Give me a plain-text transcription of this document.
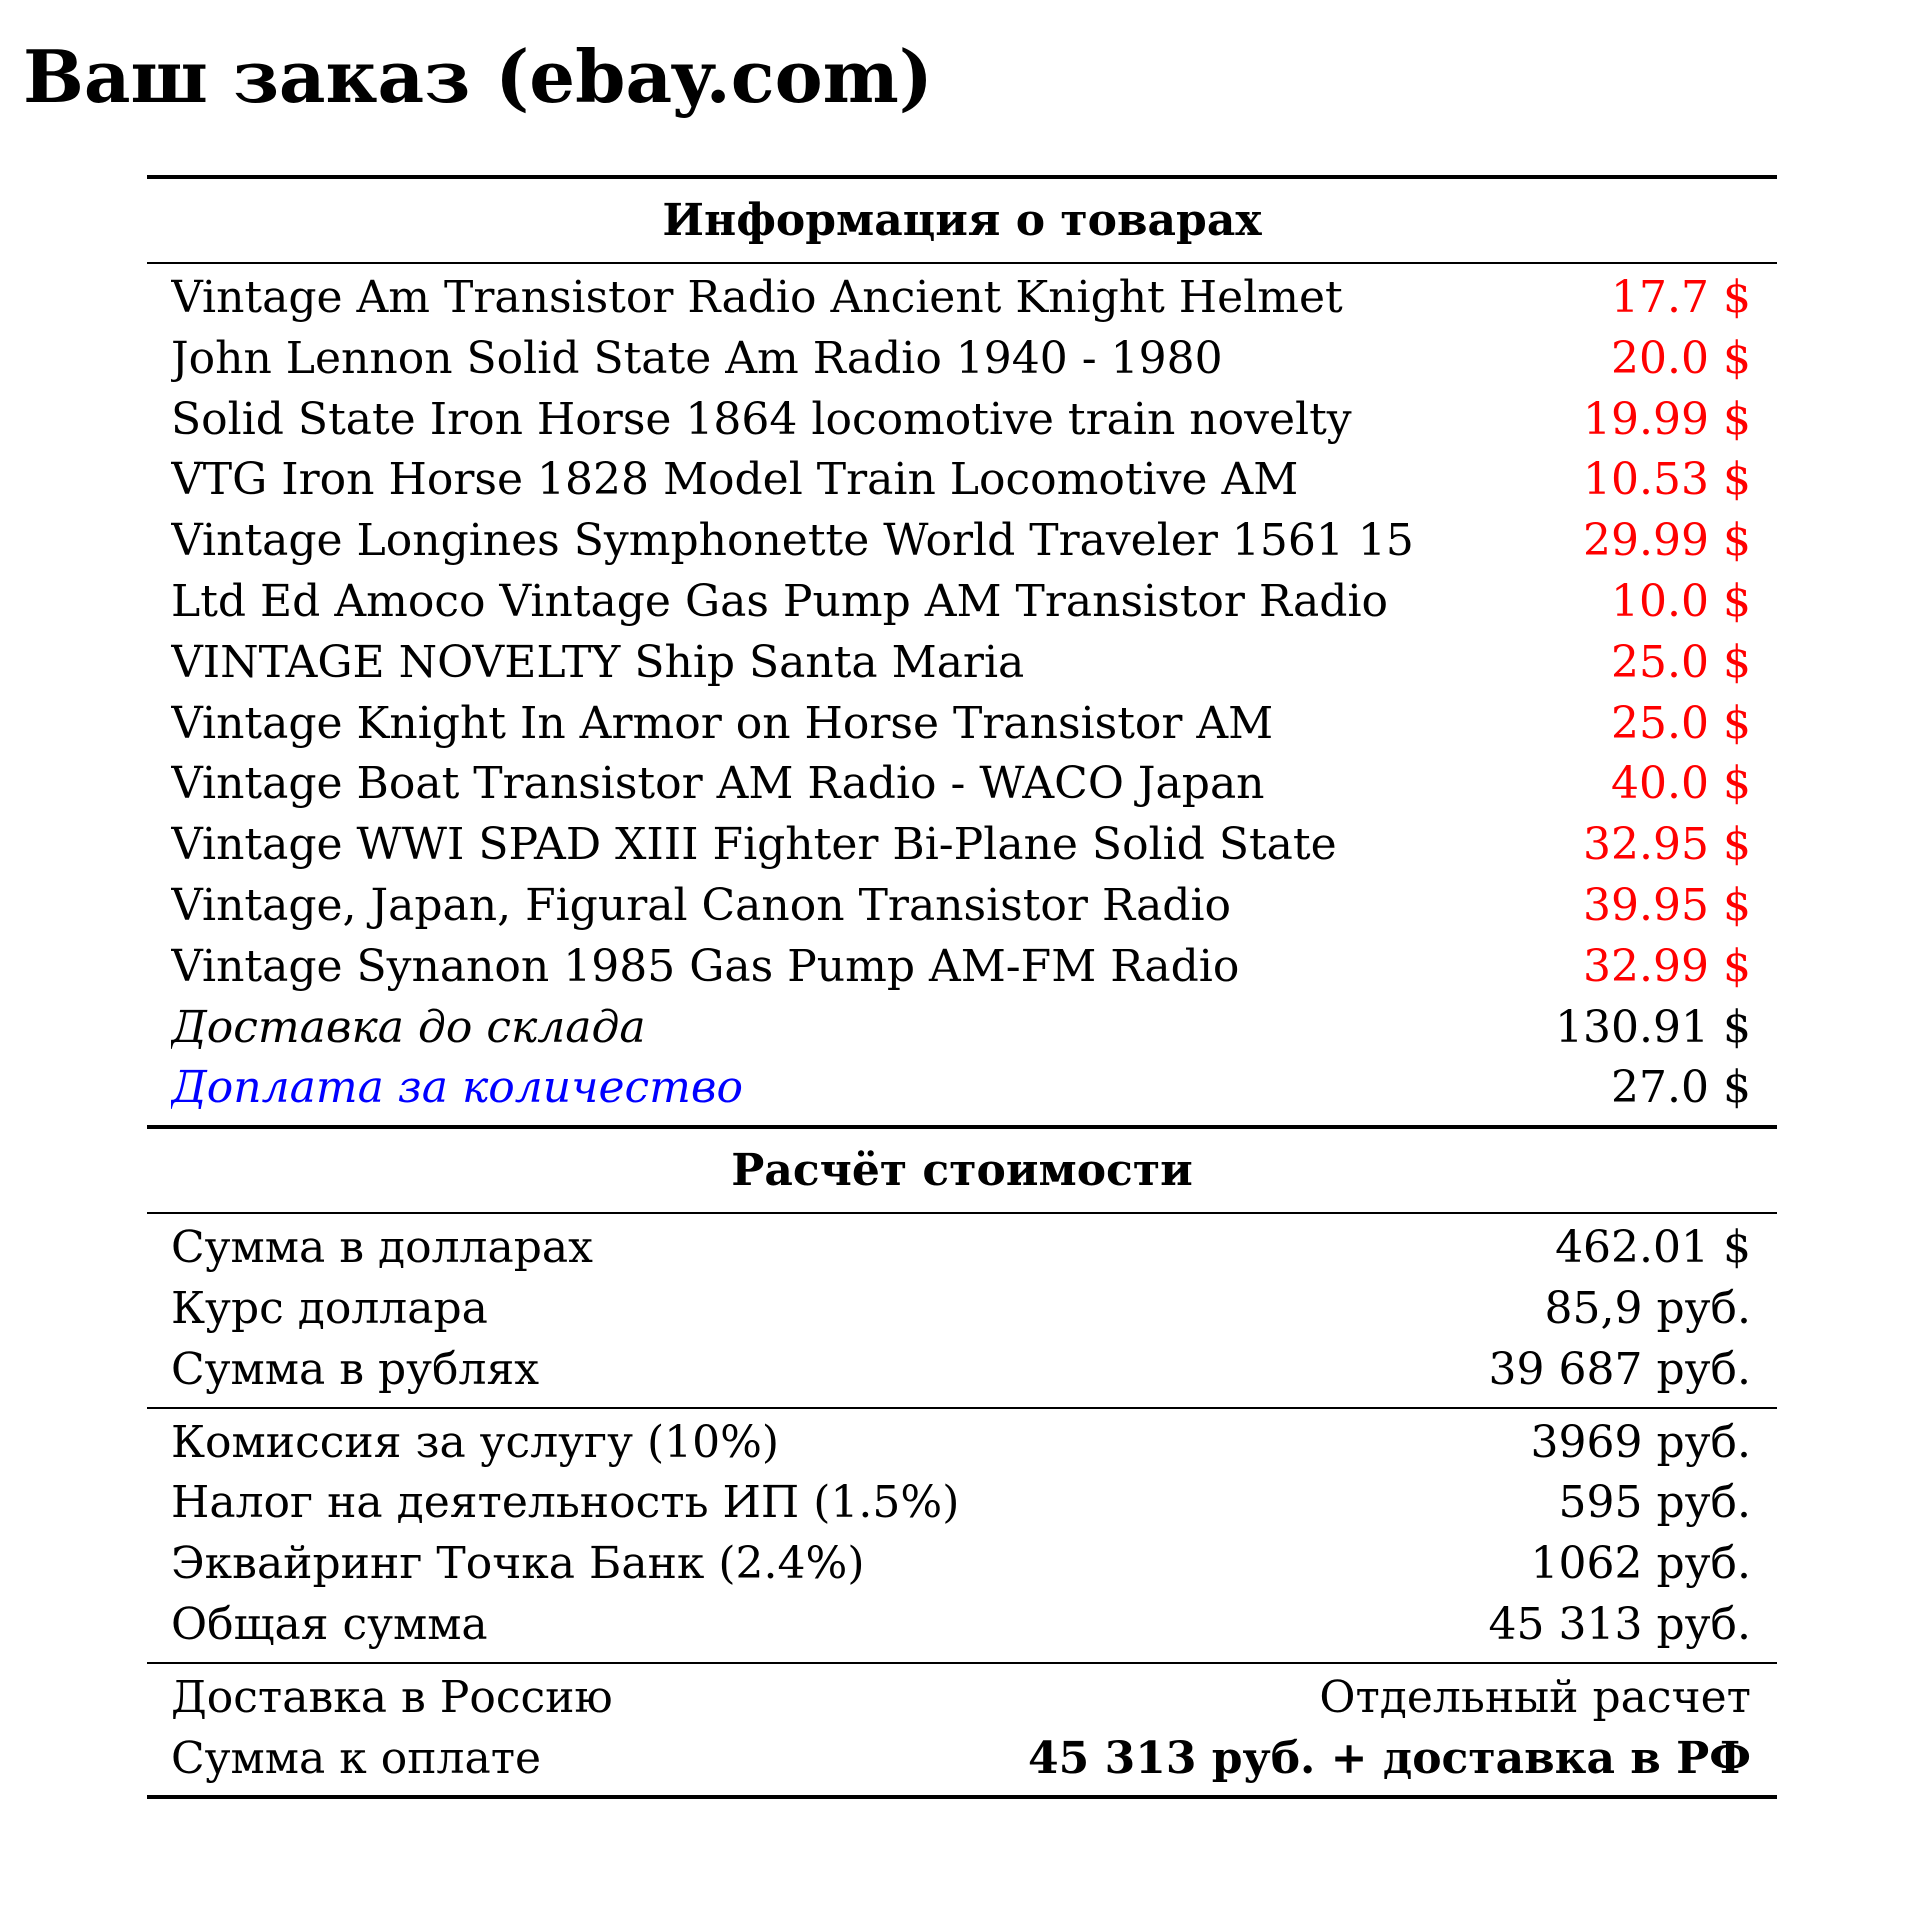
Ваш заказ (ebay.com)
Информация о товарах
Vintage Am Transistor Radio Ancient Knight Helmet	17.7 $
John Lennon Solid State Am Radio 1940 - 1980	20.0 $
Solid State Iron Horse 1864 locomotive train novelty	19.99 $
VTG Iron Horse 1828 Model Train Locomotive AM	10.53 $
Vintage Longines Symphonette World Traveler 1561 15	29.99 $
Ltd Ed Amoco Vintage Gas Pump AM Transistor Radio	10.0 $
VINTAGE NOVELTY Ship Santa Maria	25.0 $
Vintage Knight In Armor on Horse Transistor AM	25.0 $
Vintage Boat Transistor AM Radio - WACO Japan	40.0 $
Vintage WWI SPAD XIII Fighter Bi-Plane Solid State	32.95 $
Vintage, Japan, Figural Canon Transistor Radio	39.95 $
Vintage Synanon 1985 Gas Pump AM-FM Radio	32.99 $
Доставка до склада	130.91 $
Доплата за количество	27.0 $
Расчёт стоимости
Сумма в долларах	462.01 $
Курс доллара	85,9 руб.
Сумма в рублях	39 687 руб.
Комиссия за услугу (10%)	3969 руб.
Налог на деятельность ИП (1.5%)	595 руб.
Эквайринг Точка Банк (2.4%)	1062 руб.
Общая сумма	45 313 руб.
Доставка в Россию	Отдельный расчет
Сумма к оплате	45 313 руб. + доставка в РФ
